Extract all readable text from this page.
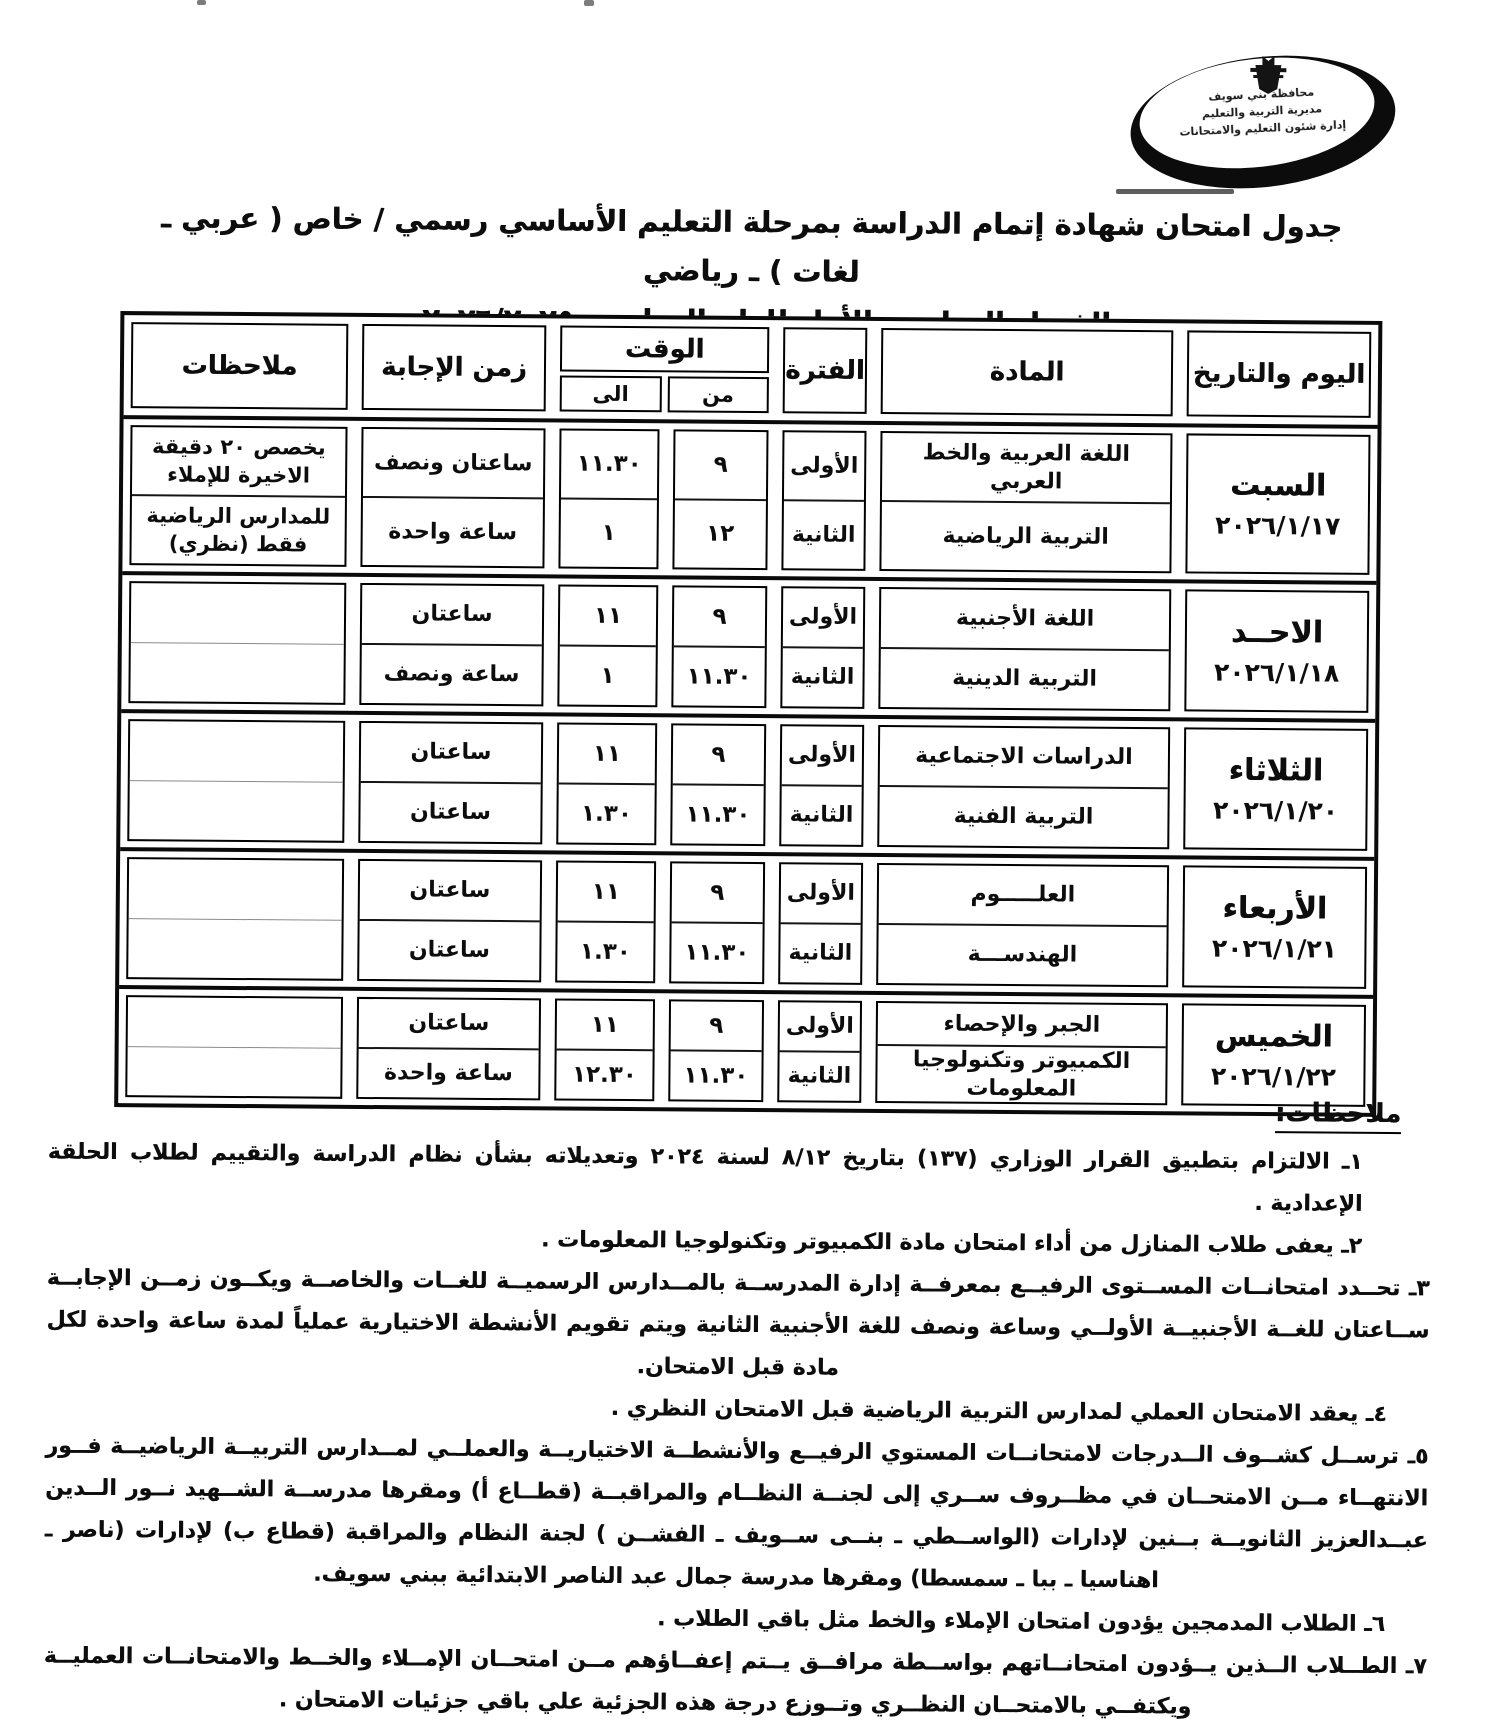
محافظة بني سويف
مديرية التربية والتعليم
إدارة شئون التعليم والامتحانات
جدول امتحان شهادة إتمام الدراسة بمرحلة التعليم الأساسي رسمي / خاص ( عربي ـ لغات ) ـ رياضي
اليوم والتاريخ
المادة
الفترة
الوقت
من
الى
زمن الإجابة
ملاحظات
السبت
٢٠٢٦/١/١٧
اللغة العربية والخط العربي
التربية الرياضية
الأولى
الثانية
٩
١٢
١١.٣٠
١
ساعتان ونصف
ساعة واحدة
يخصص ٢٠ دقيقة الاخيرة للإملاء
للمدارس الرياضية فقط (نظري)
الاحــد
٢٠٢٦/١/١٨
اللغة الأجنبية
التربية الدينية
الأولى
الثانية
٩
١١.٣٠
١١
١
ساعتان
ساعة ونصف
الثلاثاء
٢٠٢٦/١/٢٠
الدراسات الاجتماعية
التربية الفنية
الأولى
الثانية
٩
١١.٣٠
١١
١.٣٠
ساعتان
ساعتان
الأربعاء
٢٠٢٦/١/٢١
العلـــــوم
الهندســـة
الأولى
الثانية
٩
١١.٣٠
١١
١.٣٠
ساعتان
ساعتان
الخميس
٢٠٢٦/١/٢٢
الجبر والإحصاء
الكمبيوتر وتكنولوجيا المعلومات
الأولى
الثانية
٩
١١.٣٠
١١
١٢.٣٠
ساعتان
ساعة واحدة
ملاحظات:
١ـ الالتزام بتطبيق القرار الوزاري (١٣٧) بتاريخ ٨/١٢ لسنة ٢٠٢٤ وتعديلاته بشأن نظام الدراسة والتقييم لطلاب الحلقة الإعدادية .
٢ـ يعفى طلاب المنازل من أداء امتحان مادة الكمبيوتر وتكنولوجيا المعلومات .
٣ـ تحــدد امتحانــات المســتوى الرفيــع بمعرفــة إدارة المدرســة بالمــدارس الرسميــة للغــات والخاصــة ويكــون زمــن الإجابــة ســاعتان للغــة الأجنبيــة الأولــي وساعة ونصف للغة الأجنبية الثانية ويتم تقويم الأنشطة الاختيارية عملياً لمدة ساعة واحدة لكل مادة قبل الامتحان.
٤ـ يعقد الامتحان العملي لمدارس التربية الرياضية قبل الامتحان النظري .
٥ـ ترســل كشــوف الــدرجات لامتحانــات المستوي الرفيــع والأنشطــة الاختياريــة والعملــي لمــدارس التربيــة الرياضيــة فــور الانتهــاء مــن الامتحــان في مظــروف ســري إلى لجنــة النظــام والمراقبــة (قطــاع أ) ومقرها مدرســة الشــهيد نــور الــدين عبــدالعزيز الثانويــة بــنين لإدارات (الواســطي ـ بنــى ســويف ـ الفشــن ) لجنة النظام والمراقبة (قطاع ب) لإدارات (ناصر ـ اهناسيا ـ ببا ـ سمسطا) ومقرها مدرسة جمال عبد الناصر الابتدائية ببني سويف.
٦ـ الطلاب المدمجين يؤدون امتحان الإملاء والخط مثل باقي الطلاب .
٧ـ الطــلاب الــذين يــؤدون امتحانــاتهم بواســطة مرافــق يــتم إعفــاؤهم مــن امتحــان الإمــلاء والخــط والامتحانــات العمليــة ويكتفــي بالامتحــان النظــري وتــوزع درجة هذه الجزئية علي باقي جزئيات الامتحان .
